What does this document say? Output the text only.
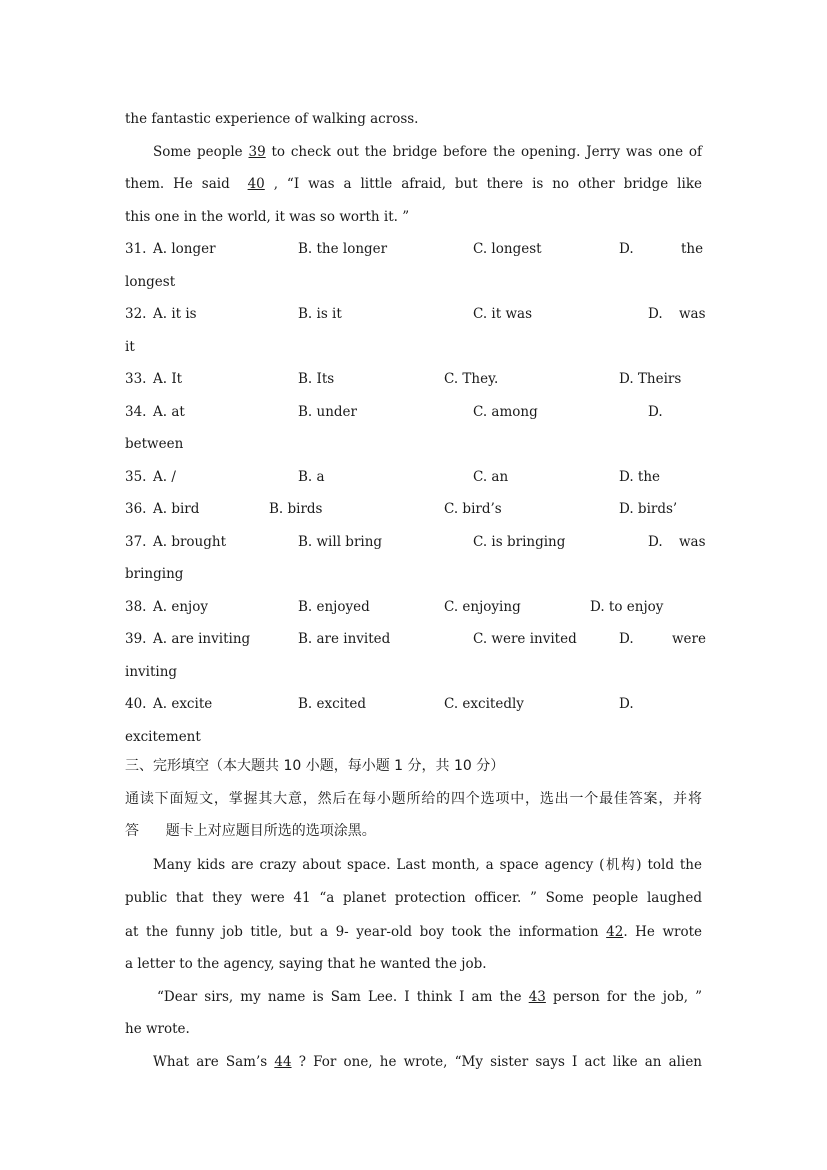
the fantastic experience of walking across.
Some people 39 to check out the bridge before the opening. Jerry was one of
them. He said 40 , “I was a little afraid, but there is no other bridge like
this one in the world, it was so worth it. ”
31. A. longer	B. the longer	C. longest	D.	the
longest
32. A. it is	B. is it	C. it was	D. was
it
33. A. It	B. Its	C. They.	D. Theirs
34. A. at	B. under	C. among	D.
between
35. A. /	B. a	C. an	D. the
36. A. bird	B. birds	C. bird’s	D. birds’
37. A. brought	B. will bring	C. is bringing	D. was
bringing
38. A. enjoy	B. enjoyed	C. enjoying	D. to enjoy
39. A. are inviting	B. are invited	C. were invited	D.	were
inviting
40. A. excite	B. excited	C. excitedly	D.
excitement
三、完形填空（本大题共 10 小题，每小题 1 分，共 10 分）
通读下面短文，掌握其大意，然后在每小题所给的四个选项中，选出一个最佳答案，并将
答 题卡上对应题目所选的选项涂黑。
Many kids are crazy about space. Last month, a space agency (机构) told the
public that they were 41 “a planet protection officer. ” Some people laughed
at the funny job title, but a 9- year-old boy took the information 42. He wrote
a letter to the agency, saying that he wanted the job.
“Dear sirs, my name is Sam Lee. I think I am the 43 person for the job, ”
he wrote.
What are Sam’s 44 ? For one, he wrote, “My sister says I act like an alien
